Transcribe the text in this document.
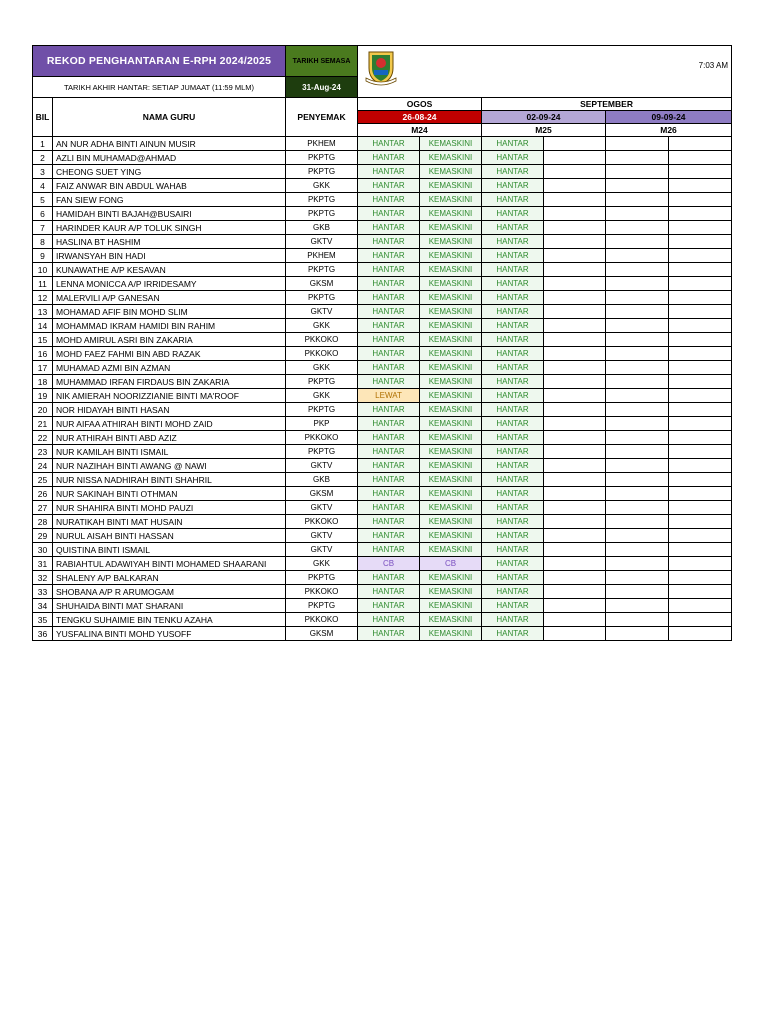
REKOD PENGHANTARAN E-RPH 2024/2025		TARIKH SEMASA	7:03 AM					

TARIKH AKHIR HANTAR: SETIAP JUMAAT (11:59 MLM)		31-Aug-24						
BIL	NAMA GURU	PENYEMAK	OGOS		SEPTEMBER			
			26-08-24		02-09-24		09-09-24	
			M24		M25		M26	
1	AN NUR ADHA BINTI AINUN MUSIR	PKHEM	HANTAR	KEMASKINI	HANTAR			
2	AZLI BIN MUHAMAD@AHMAD	PKPTG	HANTAR	KEMASKINI	HANTAR			
3	CHEONG SUET YING	PKPTG	HANTAR	KEMASKINI	HANTAR			
4	FAIZ ANWAR BIN ABDUL WAHAB	GKK	HANTAR	KEMASKINI	HANTAR			
5	FAN SIEW FONG	PKPTG	HANTAR	KEMASKINI	HANTAR			
6	HAMIDAH BINTI BAJAH@BUSAIRI	PKPTG	HANTAR	KEMASKINI	HANTAR			
7	HARINDER KAUR A/P TOLUK SINGH	GKB	HANTAR	KEMASKINI	HANTAR			
8	HASLINA BT HASHIM	GKTV	HANTAR	KEMASKINI	HANTAR			
9	IRWANSYAH BIN HADI	PKHEM	HANTAR	KEMASKINI	HANTAR			
10	KUNAWATHE A/P KESAVAN	PKPTG	HANTAR	KEMASKINI	HANTAR			
11	LENNA MONICCA A/P IRRIDESAMY	GKSM	HANTAR	KEMASKINI	HANTAR			
12	MALERVILI A/P GANESAN	PKPTG	HANTAR	KEMASKINI	HANTAR			
13	MOHAMAD AFIF BIN MOHD SLIM	GKTV	HANTAR	KEMASKINI	HANTAR			
14	MOHAMMAD IKRAM HAMIDI BIN RAHIM	GKK	HANTAR	KEMASKINI	HANTAR			
15	MOHD AMIRUL ASRI BIN ZAKARIA	PKKOKO	HANTAR	KEMASKINI	HANTAR			
16	MOHD FAEZ FAHMI BIN ABD RAZAK	PKKOKO	HANTAR	KEMASKINI	HANTAR			
17	MUHAMAD AZMI BIN AZMAN	GKK	HANTAR	KEMASKINI	HANTAR			
18	MUHAMMAD IRFAN FIRDAUS BIN ZAKARIA	PKPTG	HANTAR	KEMASKINI	HANTAR			
19	NIK AMIERAH NOORIZZIANIE BINTI MA'ROOF	GKK	LEWAT	KEMASKINI	HANTAR			
20	NOR HIDAYAH BINTI HASAN	PKPTG	HANTAR	KEMASKINI	HANTAR			
21	NUR AIFAA ATHIRAH BINTI MOHD ZAID	PKP	HANTAR	KEMASKINI	HANTAR			
22	NUR ATHIRAH BINTI ABD AZIZ	PKKOKO	HANTAR	KEMASKINI	HANTAR			
23	NUR KAMILAH BINTI ISMAIL	PKPTG	HANTAR	KEMASKINI	HANTAR			
24	NUR NAZIHAH BINTI AWANG @ NAWI	GKTV	HANTAR	KEMASKINI	HANTAR			
25	NUR NISSA NADHIRAH BINTI SHAHRIL	GKB	HANTAR	KEMASKINI	HANTAR			
26	NUR SAKINAH BINTI OTHMAN	GKSM	HANTAR	KEMASKINI	HANTAR			
27	NUR SHAHIRA BINTI MOHD PAUZI	GKTV	HANTAR	KEMASKINI	HANTAR			
28	NURATIKAH BINTI MAT HUSAIN	PKKOKO	HANTAR	KEMASKINI	HANTAR			
29	NURUL AISAH BINTI HASSAN	GKTV	HANTAR	KEMASKINI	HANTAR			
30	QUISTINA BINTI ISMAIL	GKTV	HANTAR	KEMASKINI	HANTAR			
31	RABIAHTUL ADAWIYAH BINTI MOHAMED SHAARANI	GKK	CB	CB	HANTAR			
32	SHALENY A/P BALKARAN	PKPTG	HANTAR	KEMASKINI	HANTAR			
33	SHOBANA A/P R ARUMOGAM	PKKOKO	HANTAR	KEMASKINI	HANTAR			
34	SHUHAIDA BINTI MAT SHARANI	PKPTG	HANTAR	KEMASKINI	HANTAR			
35	TENGKU SUHAIMIE BIN TENKU AZAHA	PKKOKO	HANTAR	KEMASKINI	HANTAR			
36	YUSFALINA BINTI MOHD YUSOFF	GKSM	HANTAR	KEMASKINI	HANTAR			
